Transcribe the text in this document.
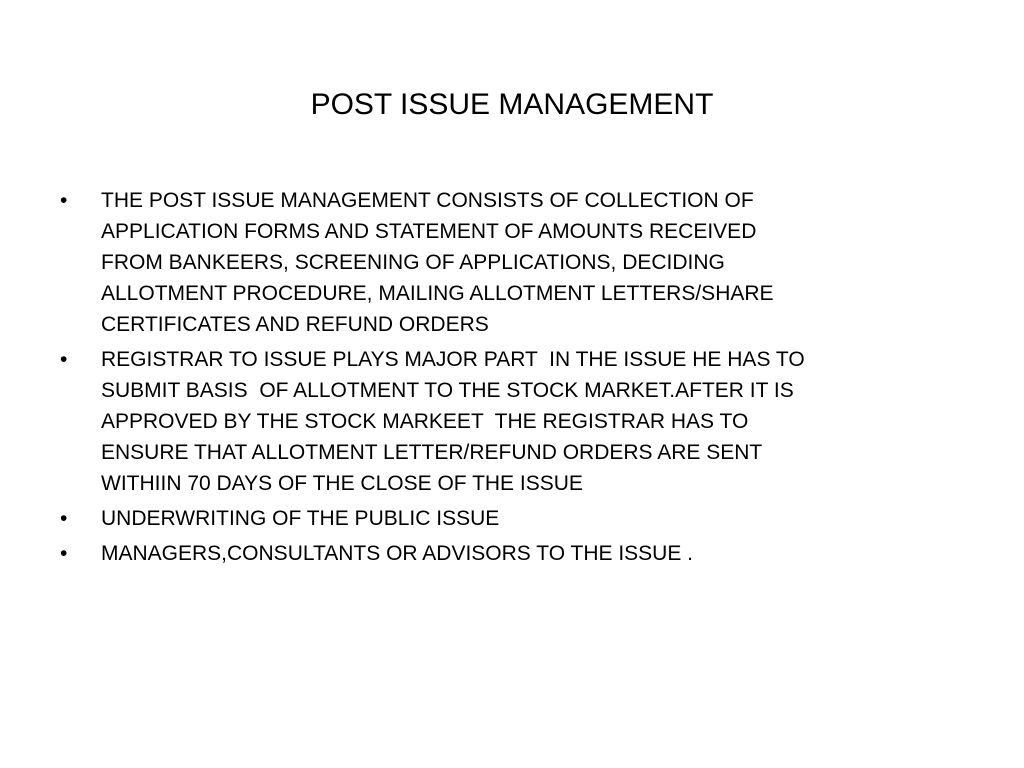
POST ISSUE MANAGEMENT
•	THE POST ISSUE MANAGEMENT CONSISTS OF COLLECTION OF
APPLICATION FORMS AND STATEMENT OF AMOUNTS RECEIVED
FROM BANKEERS, SCREENING OF APPLICATIONS, DECIDING
ALLOTMENT PROCEDURE, MAILING ALLOTMENT LETTERS/SHARE
CERTIFICATES AND REFUND ORDERS
•	REGISTRAR TO ISSUE PLAYS MAJOR PART  IN THE ISSUE HE HAS TO
SUBMIT BASIS  OF ALLOTMENT TO THE STOCK MARKET.AFTER IT IS
APPROVED BY THE STOCK MARKEET  THE REGISTRAR HAS TO
ENSURE THAT ALLOTMENT LETTER/REFUND ORDERS ARE SENT
WITHIIN 70 DAYS OF THE CLOSE OF THE ISSUE
•	UNDERWRITING OF THE PUBLIC ISSUE
•	MANAGERS,CONSULTANTS OR ADVISORS TO THE ISSUE .
